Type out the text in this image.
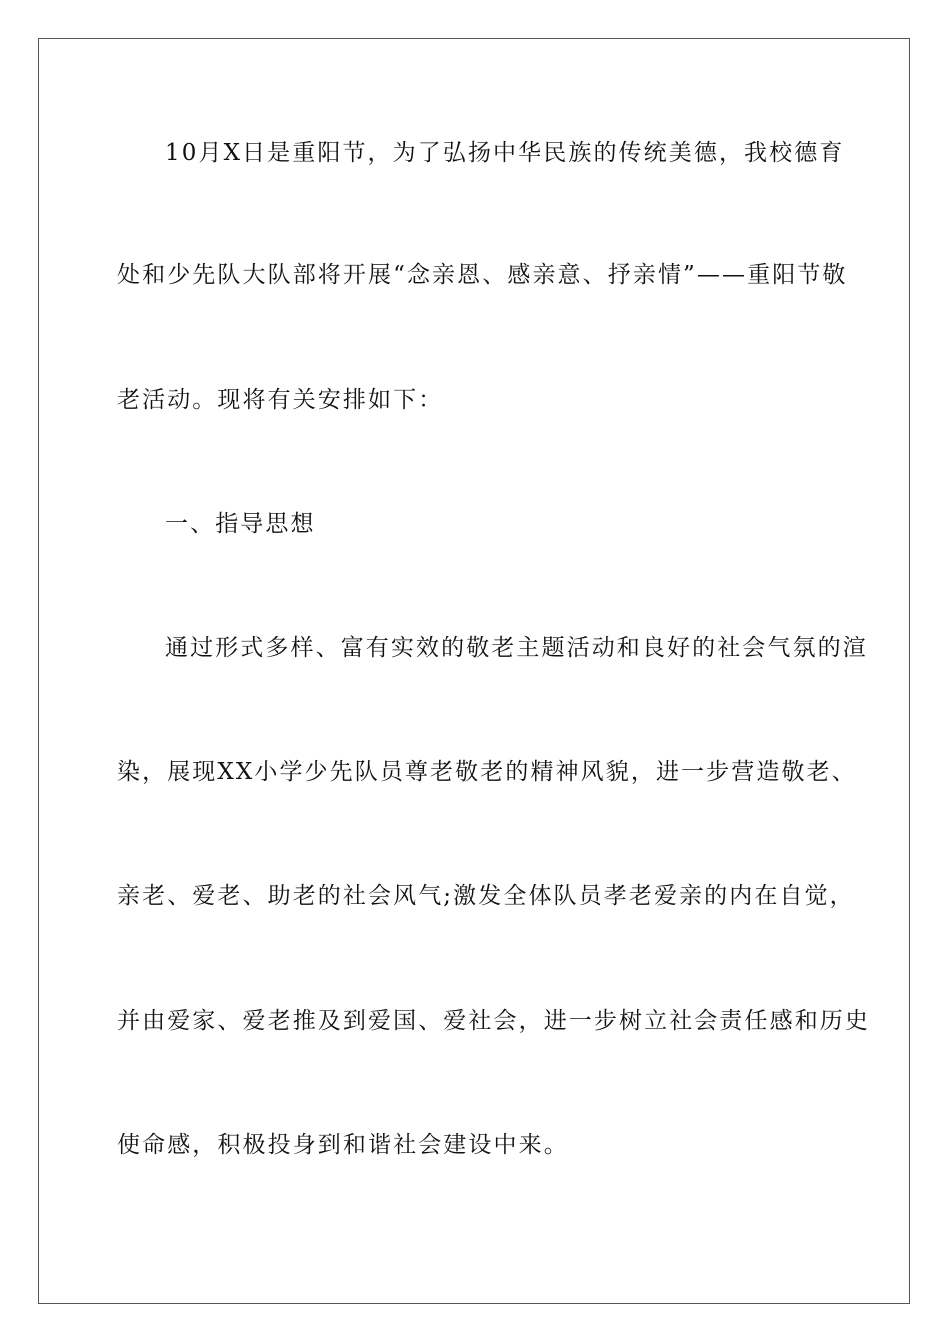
10月X日是重阳节，为了弘扬中华民族的传统美德，我校德育
处和少先队大队部将开展“念亲恩、感亲意、抒亲情”——重阳节敬
老活动。现将有关安排如下：
一、指导思想
通过形式多样、富有实效的敬老主题活动和良好的社会气氛的渲
染，展现XX小学少先队员尊老敬老的精神风貌，进一步营造敬老、
亲老、爱老、助老的社会风气;激发全体队员孝老爱亲的内在自觉，
并由爱家、爱老推及到爱国、爱社会，进一步树立社会责任感和历史
使命感，积极投身到和谐社会建设中来。
